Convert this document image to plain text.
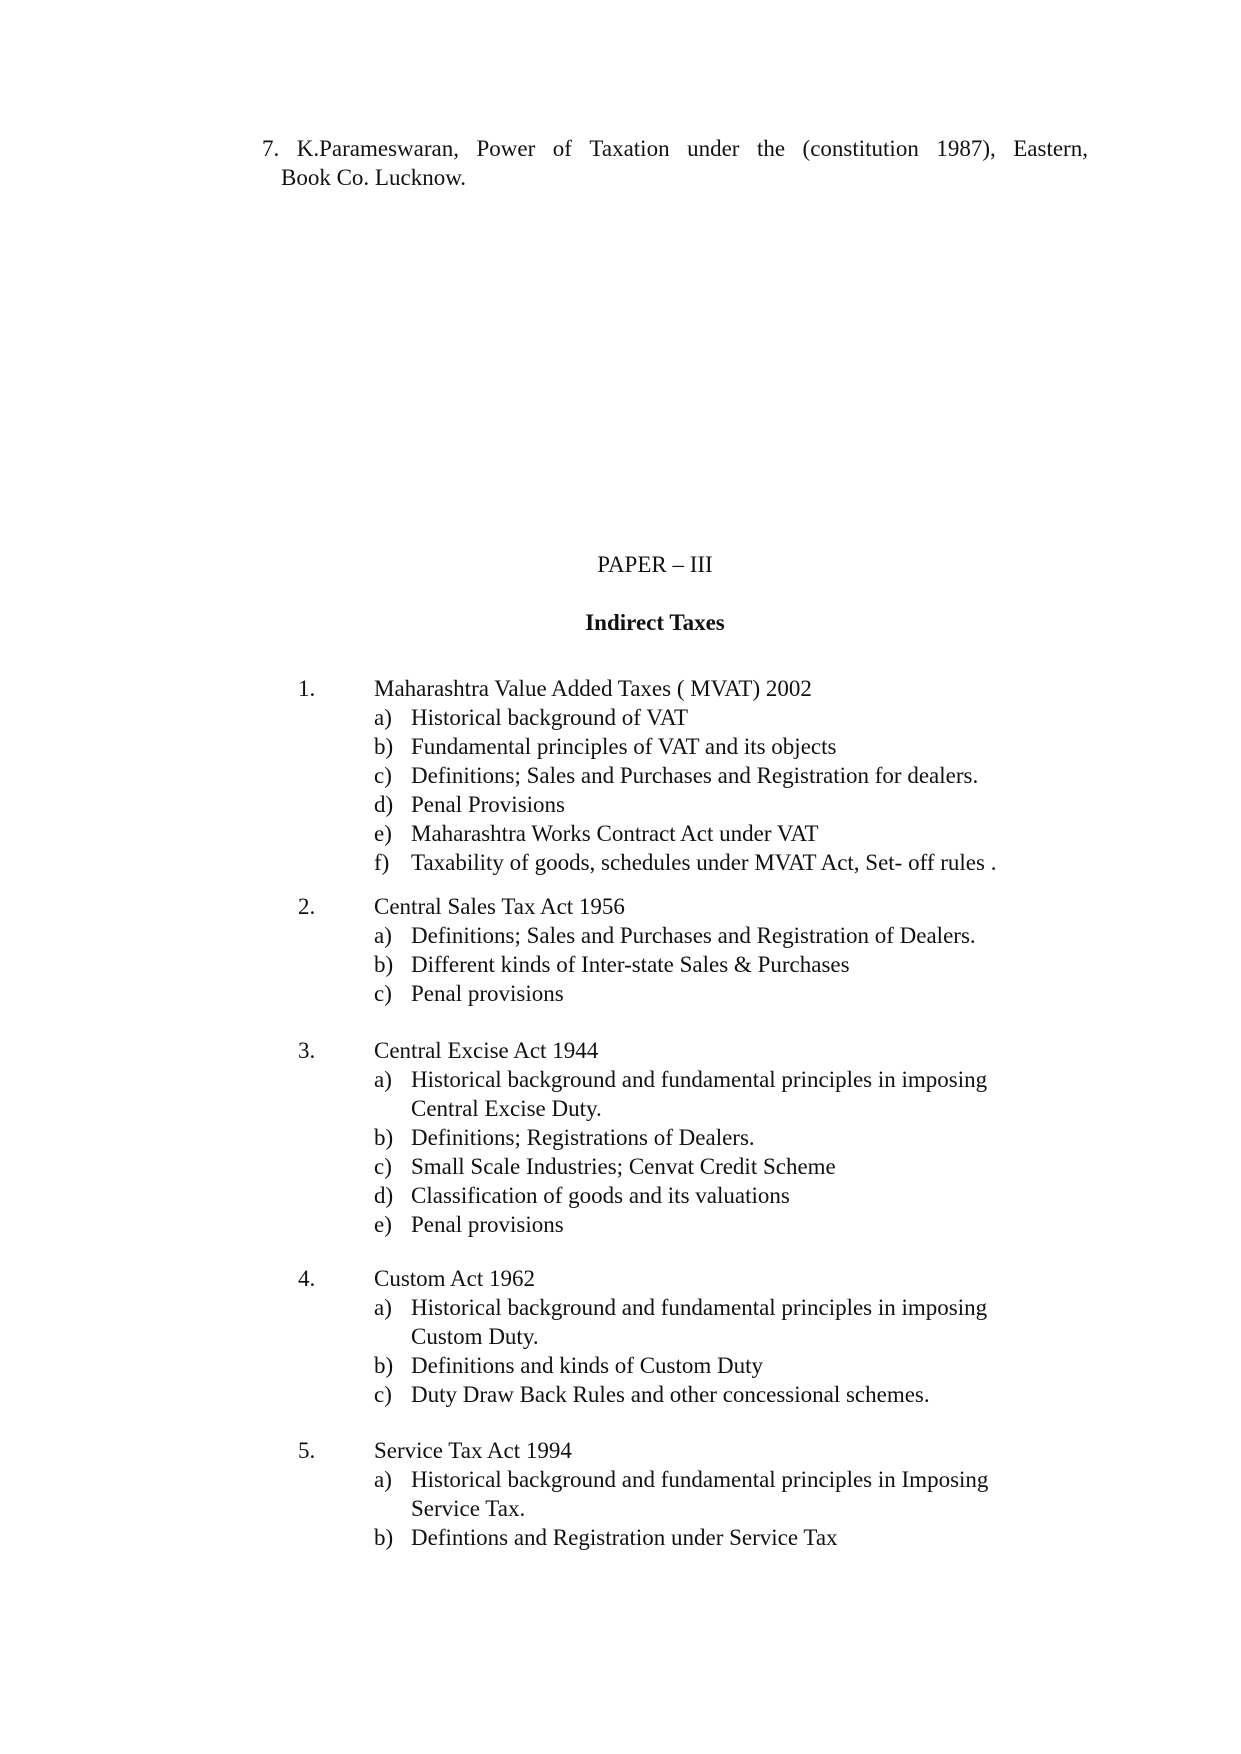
7. K.Parameswaran, Power of Taxation under the (constitution 1987), Eastern,
Book Co. Lucknow.
PAPER – III
Indirect Taxes
1.	Maharashtra Value Added Taxes ( MVAT) 2002
a) Historical background of VAT
b) Fundamental principles of VAT and its objects
c) Definitions; Sales and Purchases and Registration for dealers.
d) Penal Provisions
e) Maharashtra Works Contract Act under VAT
f) Taxability of goods, schedules under MVAT Act, Set- off rules .
2.	Central Sales Tax Act 1956
a) Definitions; Sales and Purchases and Registration of Dealers.
b) Different kinds of Inter-state Sales & Purchases
c) Penal provisions
3.	Central Excise Act 1944
a) Historical background and fundamental principles in imposing
Central Excise Duty.
b) Definitions; Registrations of Dealers.
c) Small Scale Industries; Cenvat Credit Scheme
d) Classification of goods and its valuations
e) Penal provisions
4.	Custom Act 1962
a) Historical background and fundamental principles in imposing
Custom Duty.
b) Definitions and kinds of Custom Duty
c) Duty Draw Back Rules and other concessional schemes.
5.	Service Tax Act 1994
a) Historical background and fundamental principles in Imposing
Service Tax.
b) Defintions and Registration under Service Tax
